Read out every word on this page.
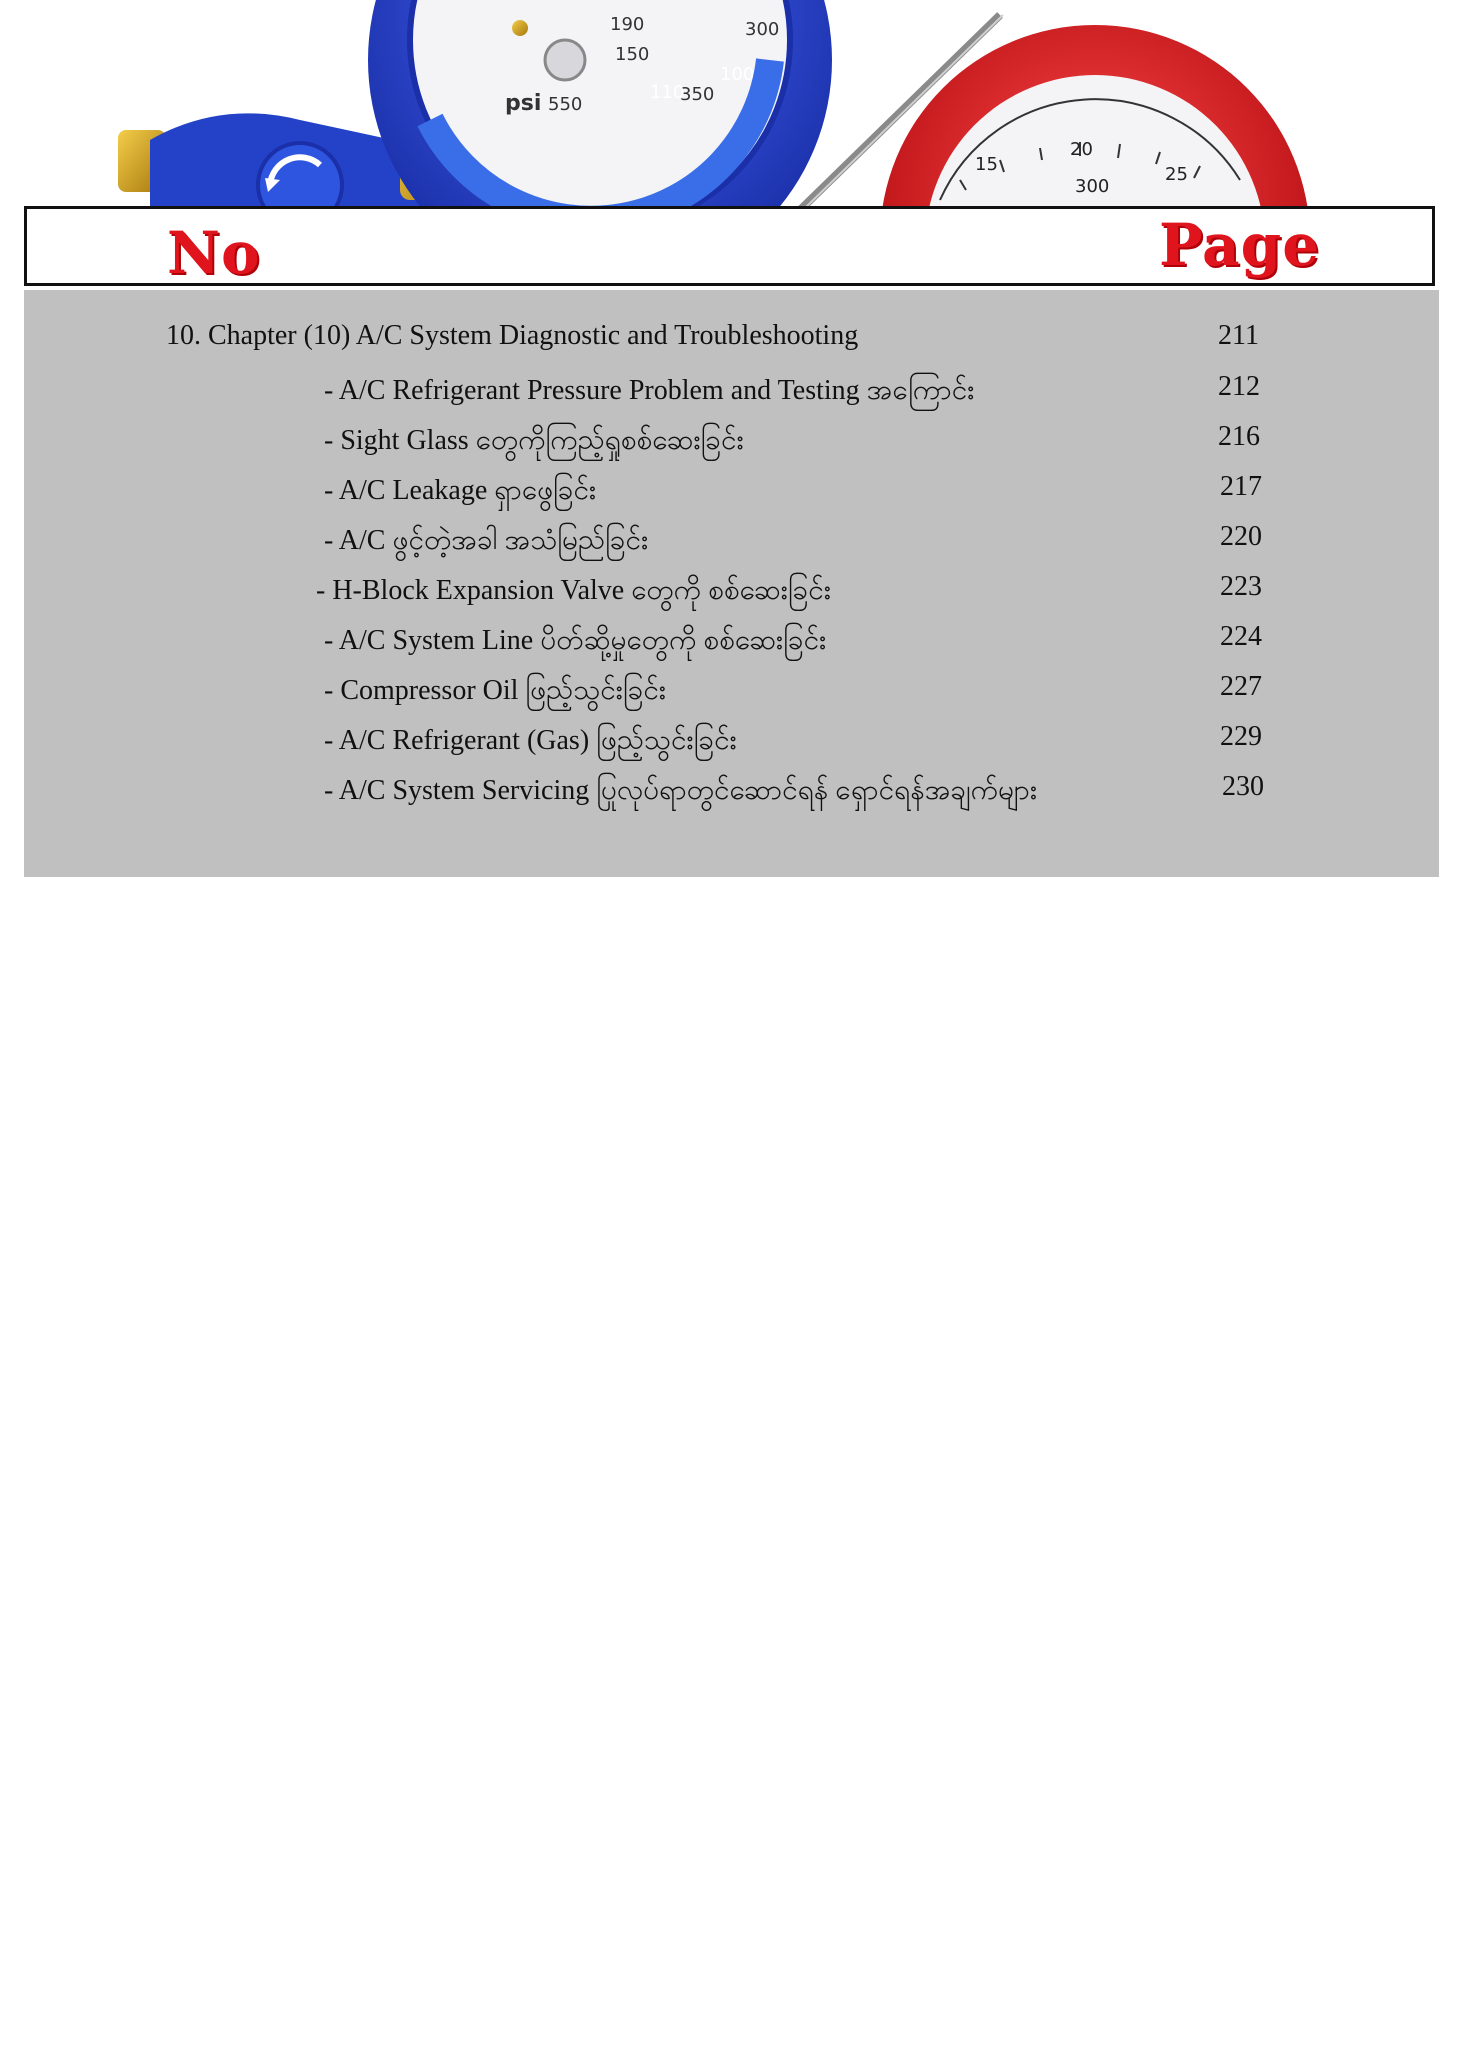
550	350
150
100
110
190	300
psi
15
20
25
300
No	Page
10. Chapter (10) A/C System Diagnostic and Troubleshooting	211
- A/C Refrigerant Pressure Problem and Testing အကြောင်း	212
- Sight Glass တွေကိုကြည့်ရှုစစ်ဆေးခြင်း	216
- A/C Leakage ရှာဖွေခြင်း	217
- A/C ဖွင့်တဲ့အခါ အသံမြည်ခြင်း	220
- H-Block Expansion Valve တွေကို စစ်ဆေးခြင်း	223
- A/C System Line ပိတ်ဆို့မှုတွေကို စစ်ဆေးခြင်း	224
- Compressor Oil ဖြည့်သွင်းခြင်း	227
- A/C Refrigerant (Gas) ဖြည့်သွင်းခြင်း	229
- A/C System Servicing ပြုလုပ်ရာတွင်ဆောင်ရန် ရှောင်ရန်အချက်များ	230
